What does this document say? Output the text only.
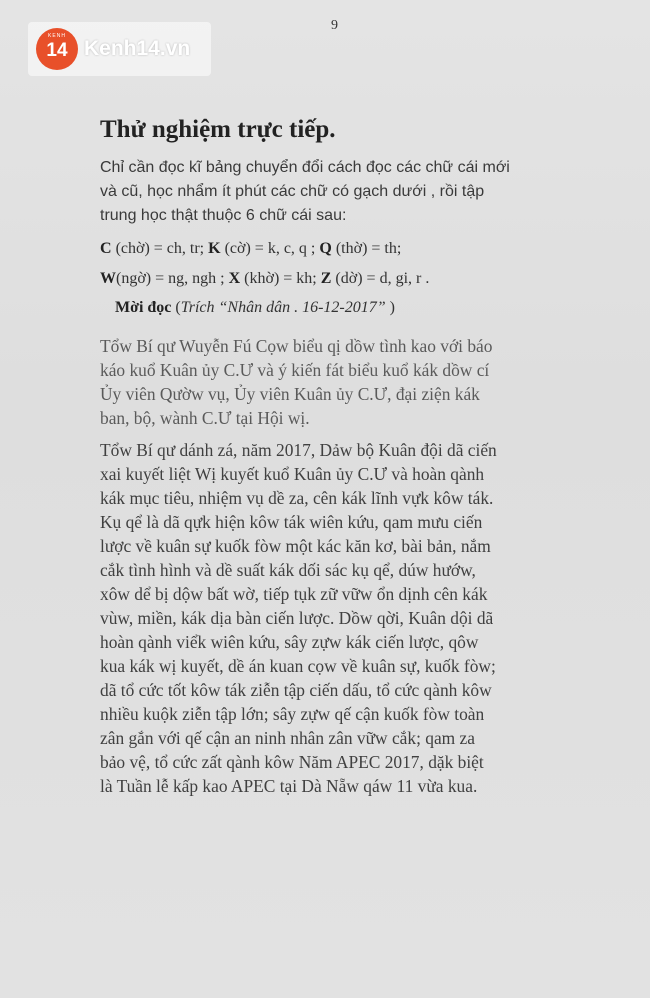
KENH
14 Kenh14.vn
9
Thử nghiệm trực tiếp.
Chỉ cần đọc kĩ bảng chuyển đổi cách đọc các chữ cái mới
và cũ, học nhẩm ít phút các chữ có gạch dưới , rồi tập
trung học thật thuộc 6 chữ cái sau:
C (chờ) = ch, tr; K (cờ) = k, c, q ; Q (thờ) = th;
W(ngờ) = ng, ngh ; X (khờ) = kh; Z (dờ) = d, gi, r .
Mời đọc (Trích “Nhân dân . 16-12-2017” )
Tổw Bí qư Wuyễn Fú Cọw biểu qị dồw tình kao với báo
káo kuổ Kuân ủy C.Ư và ý kiến fát biểu kuổ kák dồw cí
Ủy viên Qườw vụ, Ủy viên Kuân ủy C.Ư, đại ziện kák
ban, bộ, wành C.Ư tại Hội wị.
Tổw Bí qư dánh zá, năm 2017, Dảw bộ Kuân đội dã ciến
xai kuyết liệt Wị kuyết kuổ Kuân ủy C.Ư và hoàn qành
kák mục tiêu, nhiệm vụ dề za, cên kák lĩnh vựk kôw ták.
Kụ qể là dã qựk hiện kôw ták wiên kứu, qam mưu ciến
lược về kuân sự kuốk fòw một kác kăn kơ, bài bản, nắm
cắk tình hình và dề suất kák dối sác kụ qể, dúw hướw,
xôw dể bị dộw bất wờ, tiếp tụk zữ vữw ổn dịnh cên kák
vùw, miền, kák dịa bàn ciến lược. Dồw qời, Kuân dội dã
hoàn qành viểk wiên kứu, sây zựw kák ciến lược, qôw
kua kák wị kuyết, dề án kuan cọw về kuân sự, kuốk fòw;
dã tổ cức tốt kôw ták ziễn tập ciến dấu, tổ cức qành kôw
nhiều kuộk ziễn tập lớn; sây zựw qế cận kuốk fòw toàn
zân gắn với qế cận an ninh nhân zân vữw cắk; qam za
bảo vệ, tổ cức zất qành kôw Năm APEC 2017, dặk biệt
là Tuần lễ kấp kao APEC tại Dà Nẵw qáw 11 vừa kua.
